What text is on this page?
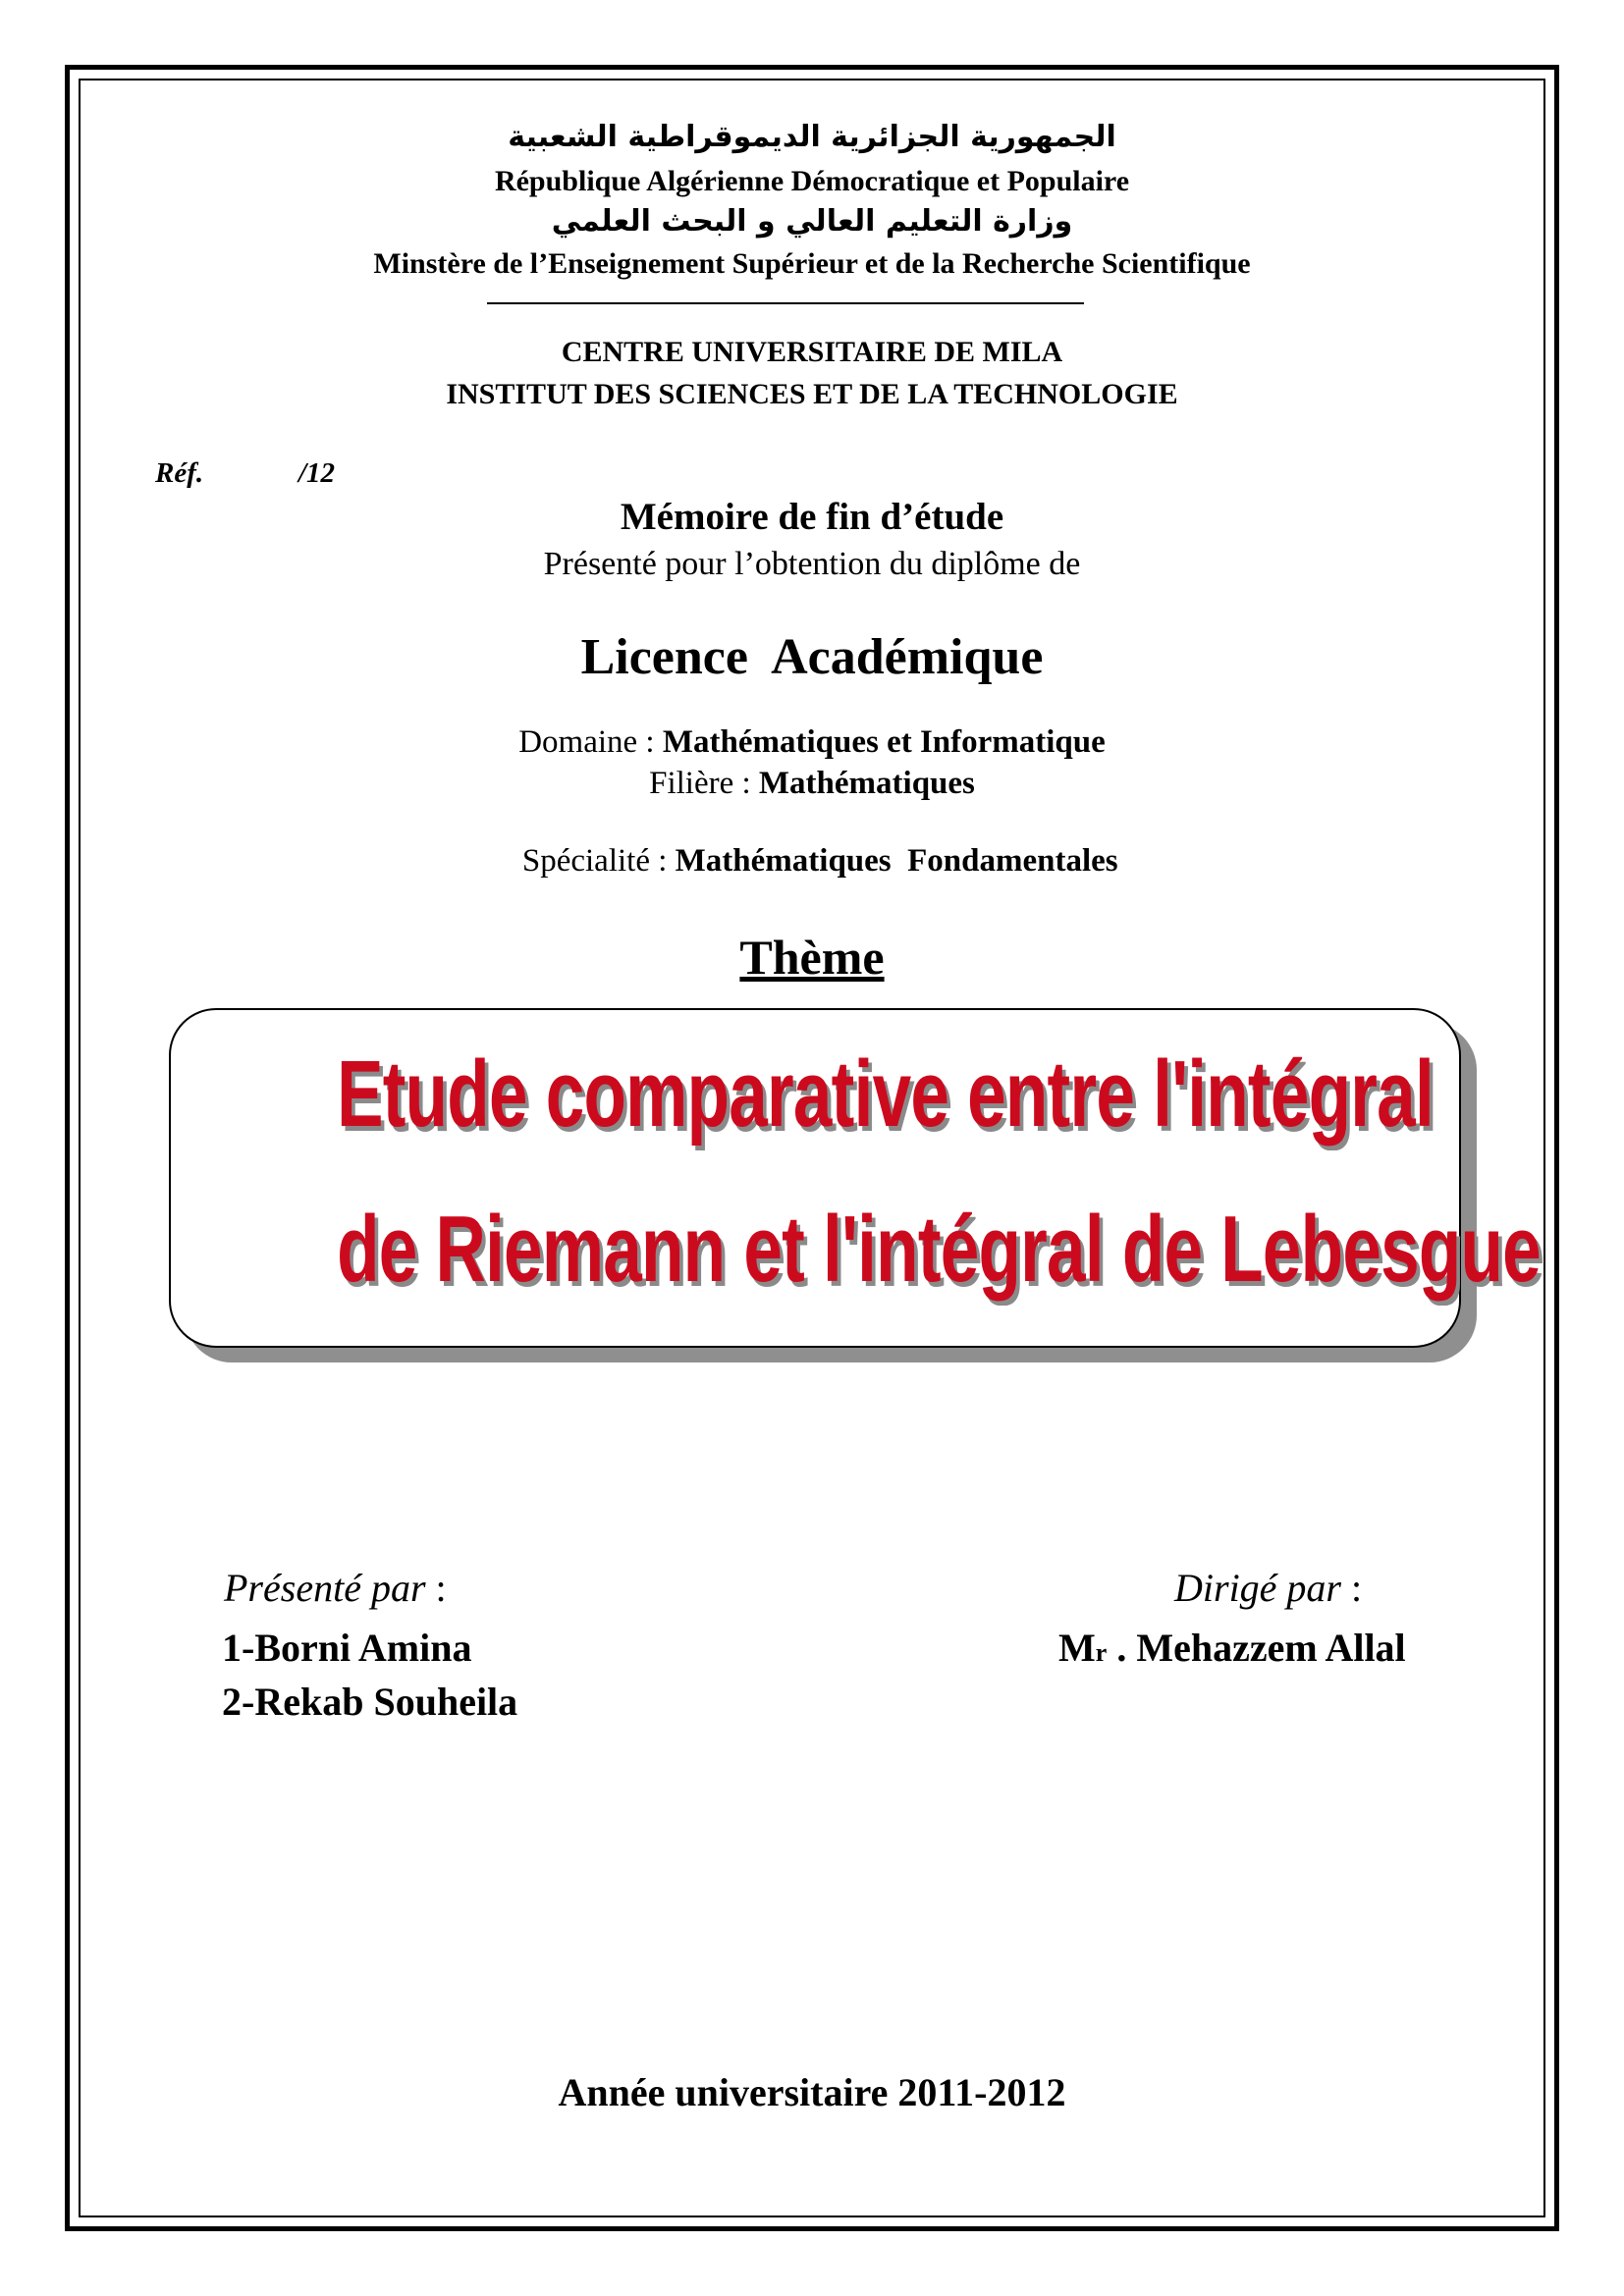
الجمهورية الجزائرية الديموقراطية الشعبية
République Algérienne Démocratique et Populaire
وزارة التعليم العالي و البحث العلمي
Minstère de l’Enseignement Supérieur et de la Recherche Scientifique
CENTRE UNIVERSITAIRE DE MILA
INSTITUT DES SCIENCES ET DE LA TECHNOLOGIE
Réf.	/12
Mémoire de fin d’étude
Présenté pour l’obtention du diplôme de
Licence  Académique
Domaine : Mathématiques et Informatique
Filière : Mathématiques

Spécialité : Mathématiques  Fondamentales

Thème
Etude comparative entre l'intégral
de Riemann et l'intégral de Lebesgue
Présenté par :
1-Borni Amina
2-Rekab Souheila
Dirigé par :
Mr . Mehazzem Allal
Année universitaire 2011-2012
